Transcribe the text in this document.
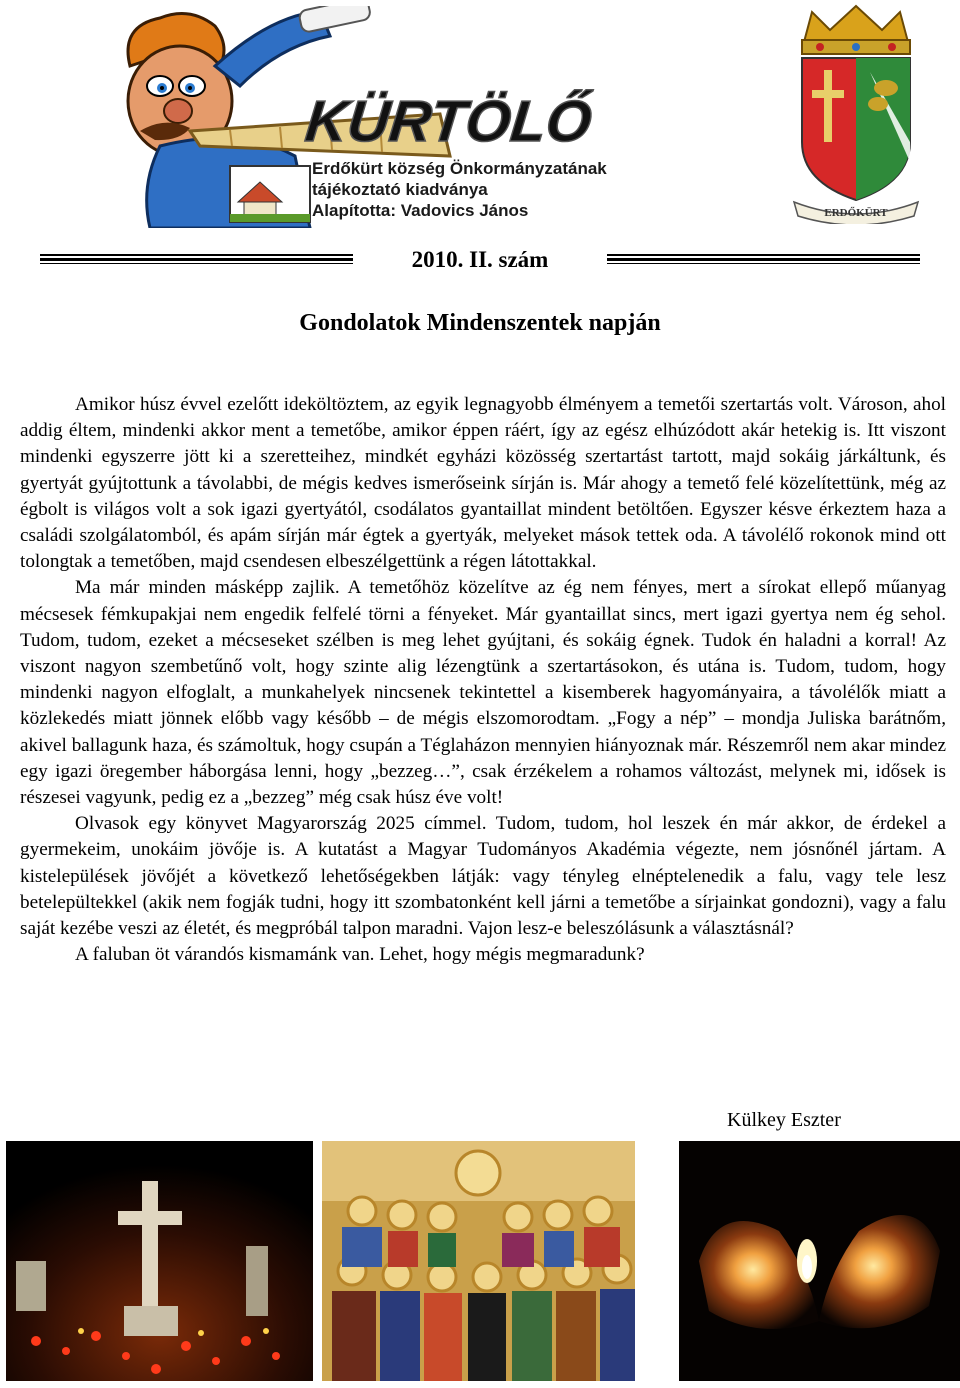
KÜRTÖLŐ
Erdőkürt község Önkormányzatának
tájékoztató kiadványa
Alapította: Vadovics János	ERDŐKÜRT
2010. II. szám
Gondolatok Mindenszentek napján

Amikor húsz évvel ezelőtt ideköltöztem, az egyik legnagyobb élményem a temetői szertartás volt. Városon, ahol addig éltem, mindenki akkor ment a temetőbe, amikor éppen ráért, így az egész elhúzódott akár hetekig is. Itt viszont mindenki egyszerre jött ki a szeretteihez, mindkét egyházi közösség szertartást tartott, majd sokáig járkáltunk, és gyertyát gyújtottunk a távolabbi, de mégis kedves ismerőseink sírján is. Már ahogy a temető felé közelítettünk, még az égbolt is világos volt a sok igazi gyertyától, csodálatos gyantaillat mindent betöltően. Egyszer késve érkeztem haza a családi szolgálatomból, és apám sírján már égtek a gyertyák, melyeket mások tettek oda. A távolélő rokonok mind ott tolongtak a temetőben, majd csendesen elbeszélgettünk a régen látottakkal.

Ma már minden másképp zajlik. A temetőhöz közelítve az ég nem fényes, mert a sírokat ellepő műanyag mécsesek fémkupakjai nem engedik felfelé törni a fényeket. Már gyantaillat sincs, mert igazi gyertya nem ég sehol. Tudom, tudom, ezeket a mécseseket szélben is meg lehet gyújtani, és sokáig égnek. Tudok én haladni a korral! Az viszont nagyon szembetűnő volt, hogy szinte alig lézengtünk a szertartásokon, és utána is. Tudom, tudom, hogy mindenki nagyon elfoglalt, a munkahelyek nincsenek tekintettel a kisemberek hagyományaira, a távolélők miatt a közlekedés miatt jönnek előbb vagy később – de mégis elszomorodtam. „Fogy a nép” – mondja Juliska barátnőm, akivel ballagunk haza, és számoltuk, hogy csupán a Téglaházon mennyien hiányoznak már. Részemről nem akar mindez egy igazi öregember háborgása lenni, hogy „bezzeg…”, csak érzékelem a rohamos változást, melynek mi, idősek is részesei vagyunk, pedig ez a „bezzeg” még csak húsz éve volt!

Olvasok egy könyvet Magyarország 2025 címmel. Tudom, tudom, hol leszek én már akkor, de érdekel a gyermekeim, unokáim jövője is. A kutatást a Magyar Tudományos Akadémia végezte, nem jósnőnél jártam. A kistelepülések jövőjét a következő lehetőségekben látják: vagy tényleg elnéptelenedik a falu, vagy tele lesz betelepültekkel (akik nem fogják tudni, hogy itt szombatonként kell járni a temetőbe a sírjainkat gondozni), vagy a falu saját kezébe veszi az életét, és megpróbál talpon maradni. Vajon lesz-e beleszólásunk a választásnál?

A faluban öt várandós kismamánk van. Lehet, hogy mégis megmaradunk?

Külkey Eszter
